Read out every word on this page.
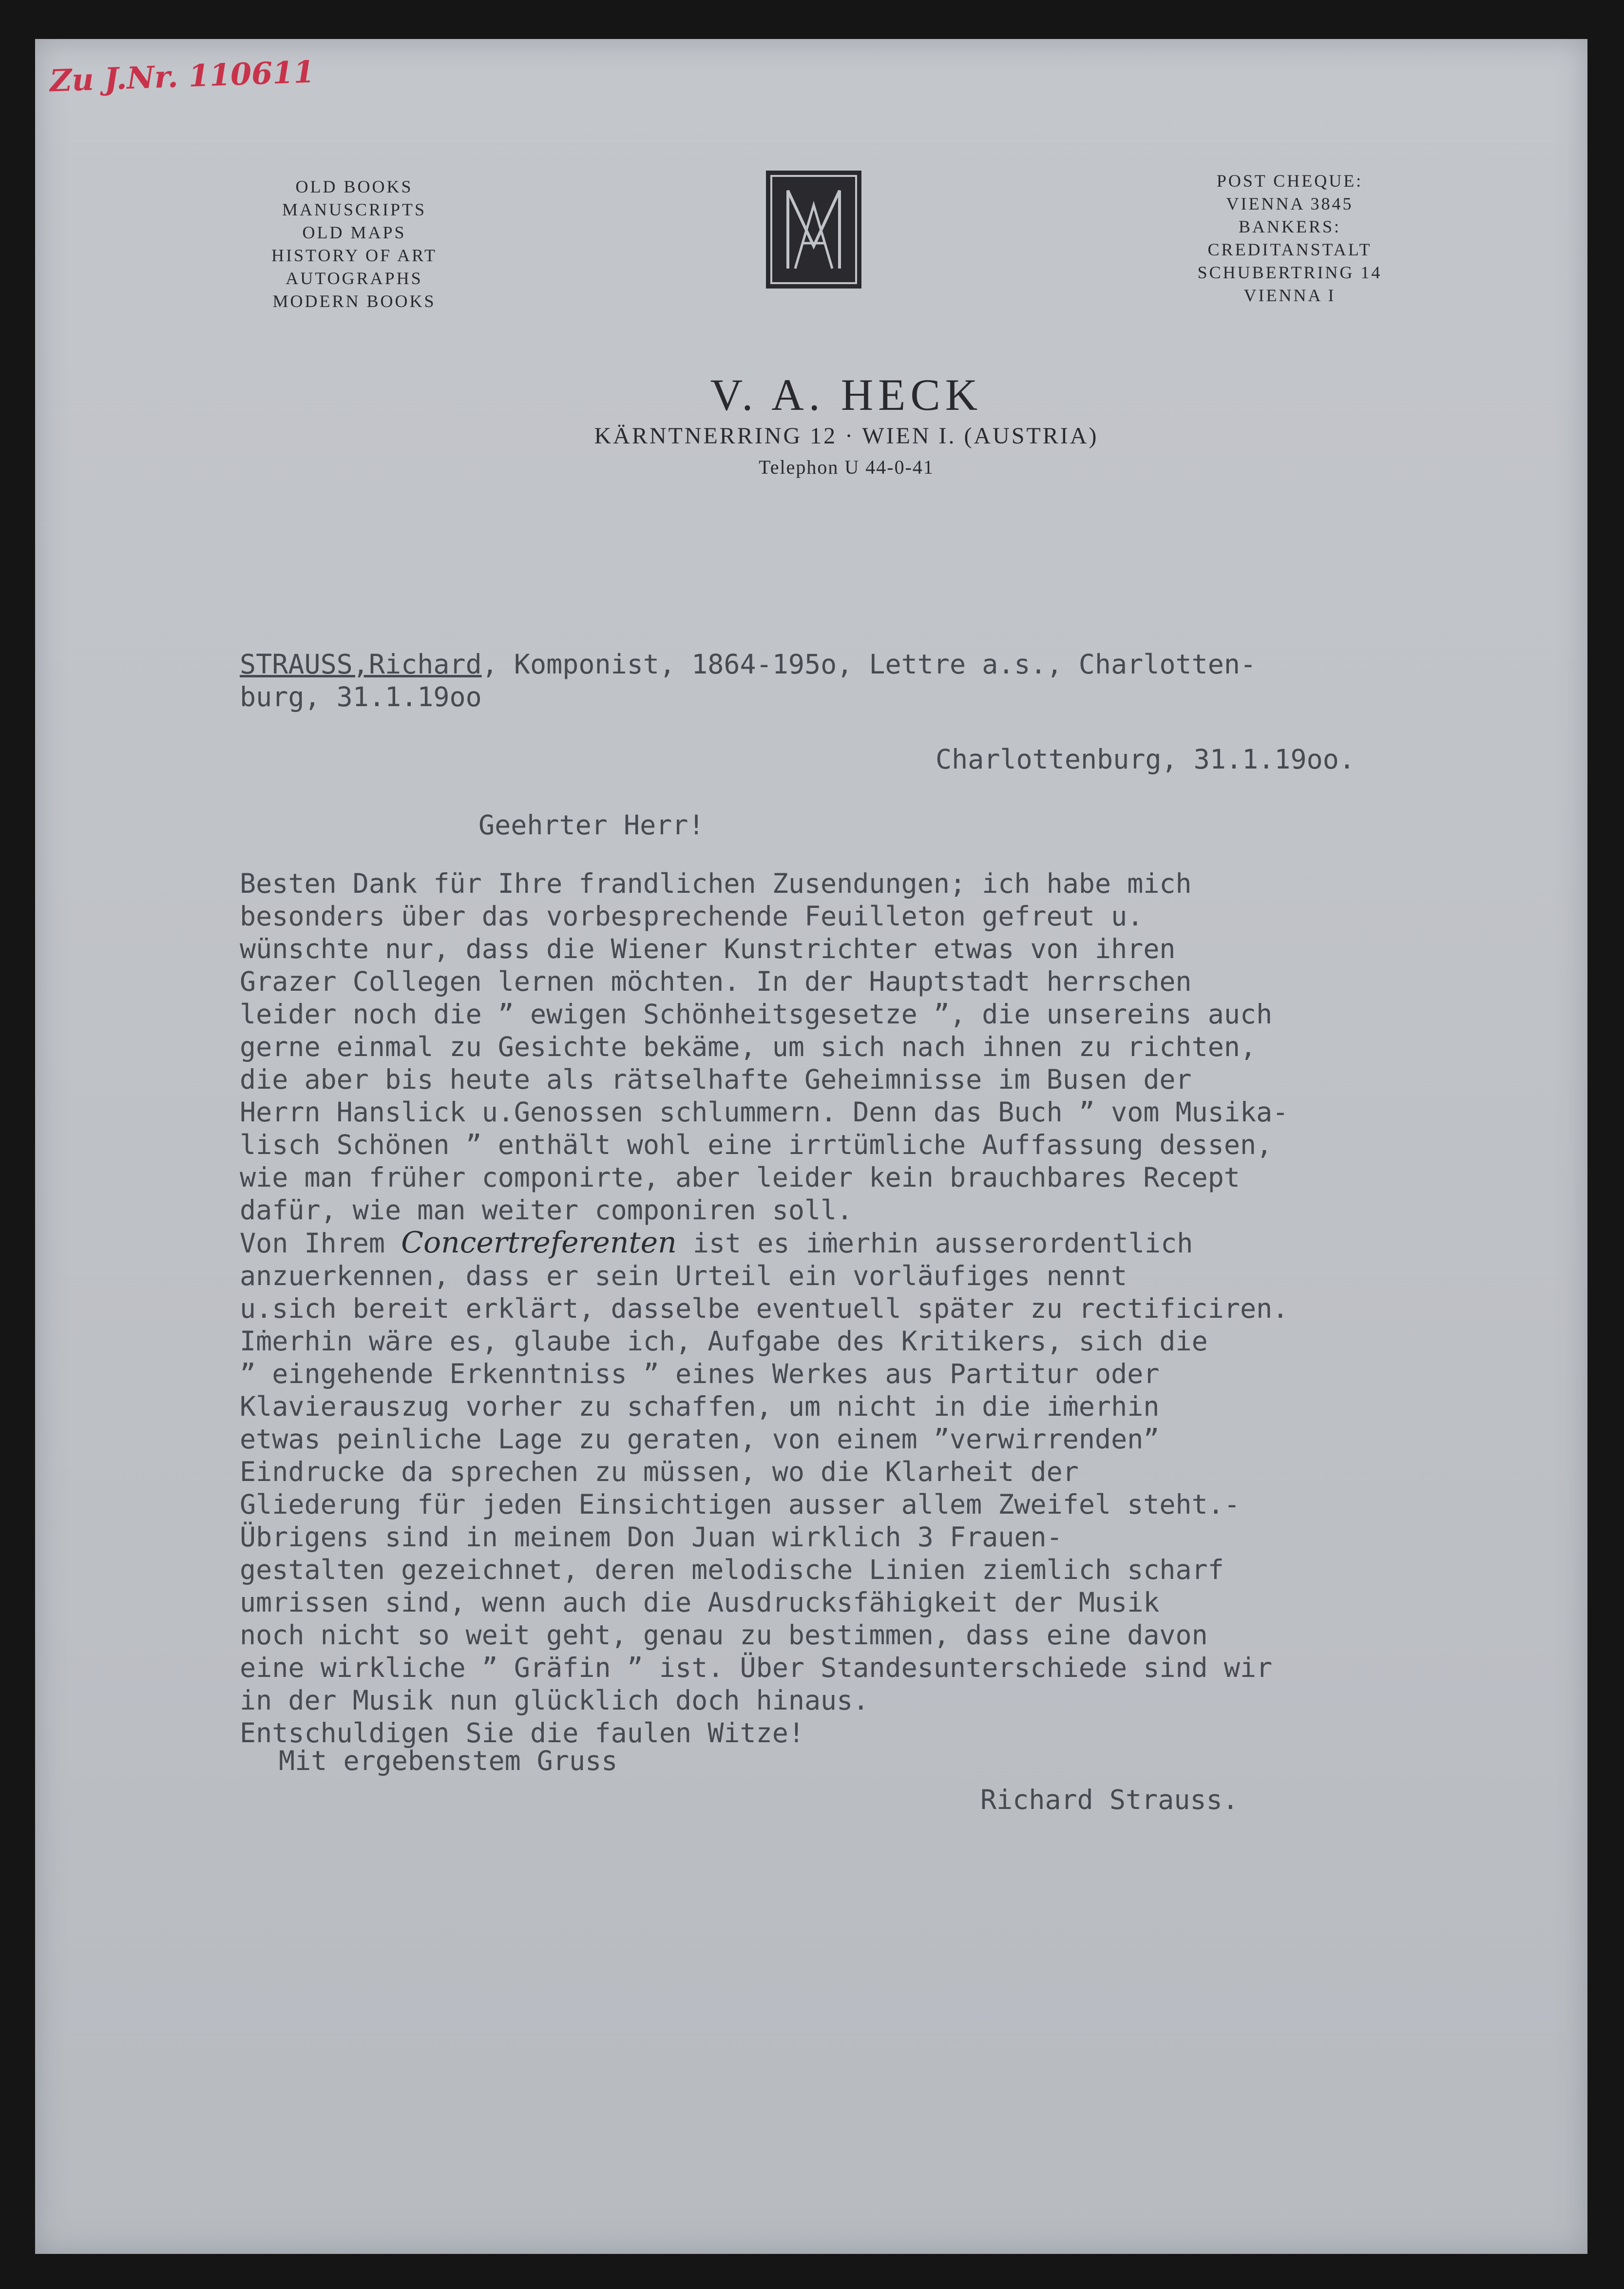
Zu J.Nr. 110611
OLD BOOKS
MANUSCRIPTS
OLD MAPS
HISTORY OF ART
AUTOGRAPHS
MODERN BOOKS
POST CHEQUE:
VIENNA 3845
BANKERS:
CREDITANSTALT
SCHUBERTRING 14
VIENNA I
V. A. HECK
KÄRNTNERRING 12 · WIEN I. (AUSTRIA)
Telephon U 44-0-41
STRAUSS,Richard, Komponist, 1864-195o, Lettre a.s., Charlotten-
burg, 31.1.19oo
Charlottenburg, 31.1.19oo.
Geehrter Herr!
Besten Dank für Ihre frandlichen Zusendungen; ich habe mich
besonders über das vorbesprechende Feuilleton gefreut u.
wünschte nur, dass die Wiener Kunstrichter etwas von ihren
Grazer Collegen lernen möchten. In der Hauptstadt herrschen
leider noch die ” ewigen Schönheitsgesetze ”, die unsereins auch
gerne einmal zu Gesichte bekäme, um sich nach ihnen zu richten,
die aber bis heute als rätselhafte Geheimnisse im Busen der
Herrn Hanslick u.Genossen schlummern. Denn das Buch ” vom Musika-
lisch Schönen ” enthält wohl eine irrtümliche Auffassung dessen,
wie man früher componirte, aber leider kein brauchbares Recept
dafür, wie man weiter componiren soll.
Von Ihrem Concertreferenten ist es iṁerhin ausserordentlich
anzuerkennen, dass er sein Urteil ein vorläufiges nennt
u.sich bereit erklärt, dasselbe eventuell später zu rectificiren.
Iṁerhin wäre es, glaube ich, Aufgabe des Kritikers, sich die
” eingehende Erkenntniss ” eines Werkes aus Partitur oder
Klavierauszug vorher zu schaffen, um nicht in die iṁerhin
etwas peinliche Lage zu geraten, von einem ”verwirrenden”
Eindrucke da sprechen zu müssen, wo die Klarheit der
Gliederung für jeden Einsichtigen ausser allem Zweifel steht.-
Übrigens sind in meinem Don Juan wirklich 3 Frauen-
gestalten gezeichnet, deren melodische Linien ziemlich scharf
umrissen sind, wenn auch die Ausdrucksfähigkeit der Musik
noch nicht so weit geht, genau zu bestimmen, dass eine davon
eine wirkliche ” Gräfin ” ist. Über Standesunterschiede sind wir
in der Musik nun glücklich doch hinaus.
Entschuldigen Sie die faulen Witze!
Mit ergebenstem Gruss
Richard Strauss.
